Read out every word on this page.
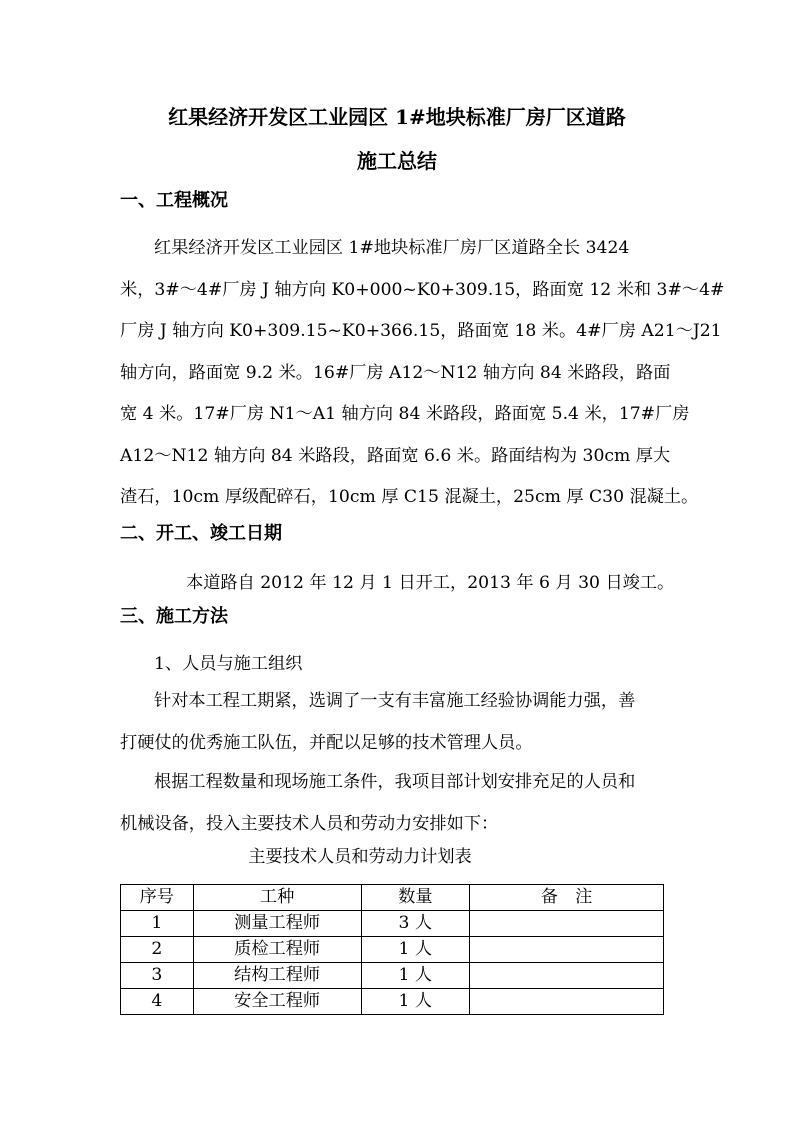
红果经济开发区工业园区 1#地块标准厂房厂区道路
施工总结
一、工程概况
红果经济开发区工业园区 1#地块标准厂房厂区道路全长 3424
米，3#～4#厂房 J 轴方向 K0+000~K0+309.15，路面宽 12 米和 3#～4#
厂房 J 轴方向 K0+309.15~K0+366.15，路面宽 18 米。4#厂房 A21～J21
轴方向，路面宽 9.2 米。16#厂房 A12～N12 轴方向 84 米路段，路面
宽 4 米。17#厂房 N1～A1 轴方向 84 米路段，路面宽 5.4 米，17#厂房
A12～N12 轴方向 84 米路段，路面宽 6.6 米。路面结构为 30cm 厚大
渣石，10cm 厚级配碎石，10cm 厚 C15 混凝土，25cm 厚 C30 混凝土。
二、开工、竣工日期
本道路自 2012 年 12 月 1 日开工，2013 年 6 月 30 日竣工。
三、施工方法
1、人员与施工组织
针对本工程工期紧，选调了一支有丰富施工经验协调能力强，善
打硬仗的优秀施工队伍，并配以足够的技术管理人员。
根据工程数量和现场施工条件，我项目部计划安排充足的人员和
机械设备，投入主要技术人员和劳动力安排如下：
主要技术人员和劳动力计划表
序号	工种	数量	备　注
1	测量工程师	3 人	
2	质检工程师	1 人	
3	结构工程师	1 人	
4	安全工程师	1 人	
